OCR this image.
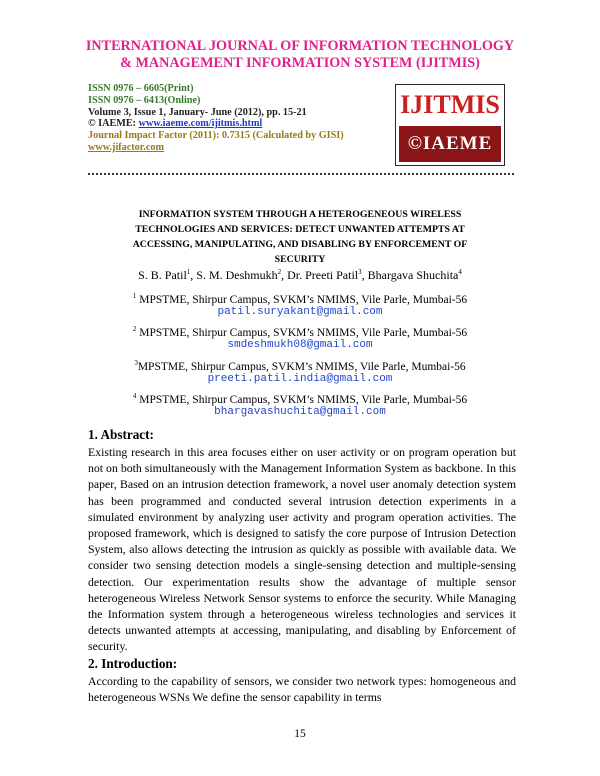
INTERNATIONAL JOURNAL OF INFORMATION TECHNOLOGY
& MANAGEMENT INFORMATION SYSTEM (IJITMIS)
ISSN 0976 – 6605(Print)
ISSN 0976 – 6413(Online)
Volume 3, Issue 1, January- June (2012), pp. 15-21
© IAEME: www.iaeme.com/ijitmis.html
Journal Impact Factor (2011): 0.7315 (Calculated by GISI)
www.jifactor.com
IJITMIS
©IAEME
INFORMATION SYSTEM THROUGH A HETEROGENEOUS WIRELESS
TECHNOLOGIES AND SERVICES: DETECT UNWANTED ATTEMPTS AT
ACCESSING, MANIPULATING, AND DISABLING BY ENFORCEMENT OF
SECURITY
S. B. Patil$^1$, S. M. Deshmukh$^2$, Dr. Preeti Patil$^3$, Bhargava Shuchita$^4$
$^1$ MPSTME, Shirpur Campus, SVKM’s NMIMS, Vile Parle, Mumbai-56
patil.suryakant@gmail.com
$^2$ MPSTME, Shirpur Campus, SVKM’s NMIMS, Vile Parle, Mumbai-56
smdeshmukh08@gmail.com
$^3$MPSTME, Shirpur Campus, SVKM’s NMIMS, Vile Parle, Mumbai-56
preeti.patil.india@gmail.com
$^4$ MPSTME, Shirpur Campus, SVKM’s NMIMS, Vile Parle, Mumbai-56
bhargavashuchita@gmail.com
1. Abstract:
Existing research in this area focuses either on user activity or on program operation but not on both simultaneously with the Management Information System as backbone. In this paper, Based on an intrusion detection framework, a novel user anomaly detection system has been programmed and conducted several intrusion detection experiments in a simulated environment by analyzing user activity and program operation activities. The proposed framework, which is designed to satisfy the core purpose of Intrusion Detection System, also allows detecting the intrusion as quickly as possible with available data. We consider two sensing detection models a single-sensing detection and multiple-sensing detection. Our experimentation results show the advantage of multiple sensor heterogeneous Wireless Network Sensor systems to enforce the security. While Managing the Information system through a heterogeneous wireless technologies and services it detects unwanted attempts at accessing, manipulating, and disabling by Enforcement of security.
2. Introduction:
According to the capability of sensors, we consider two network types: homogeneous and heterogeneous WSNs We define the sensor capability in terms
15
